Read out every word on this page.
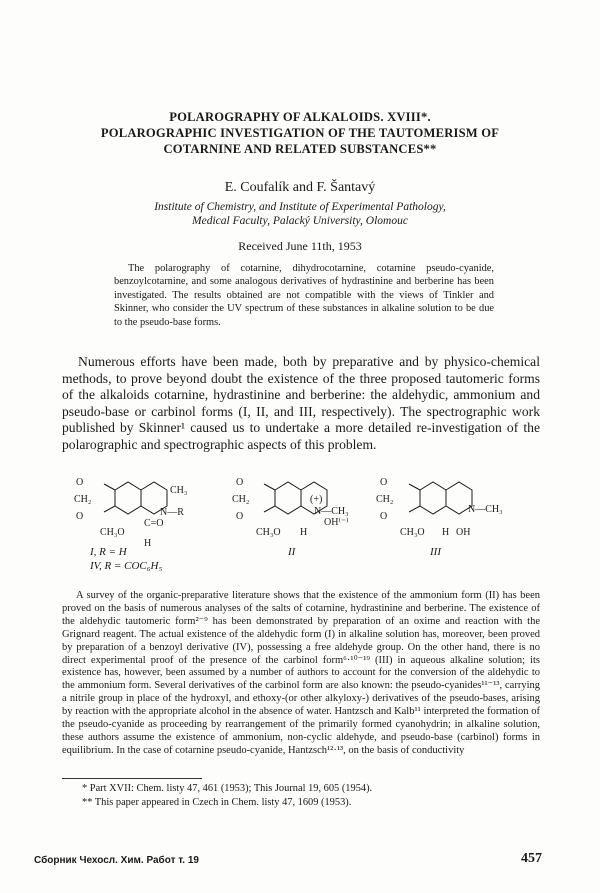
POLAROGRAPHY OF ALKALOIDS. XVIII*.
POLAROGRAPHIC INVESTIGATION OF THE TAUTOMERISM OF
COTARNINE AND RELATED SUBSTANCES**
E. Coufalík and F. Šantavý
Institute of Chemistry, and Institute of Experimental Pathology,
Medical Faculty, Palacký University, Olomouc
Received June 11th, 1953
The polarography of cotarnine, dihydrocotarnine, cotarnine pseudo-cyanide, benzoylcotarnine, and some analogous derivatives of hydrastinine and berberine has been investigated. The results obtained are not compatible with the views of Tinkler and Skinner, who consider the UV spectrum of these substances in alkaline solution to be due to the pseudo-base forms.
Numerous efforts have been made, both by preparative and by physico-chemical methods, to prove beyond doubt the existence of the three proposed tautomeric forms of the alkaloids cotarnine, hydrastinine and berberine: the aldehydic, ammonium and pseudo-base or carbinol forms (I, II, and III, respectively). The spectrographic work published by Skinner¹ caused us to undertake a more detailed re-investigation of the polarographic and spectrographic aspects of this problem.
O
CH₂
O
CH₃
N—R
C=O
CH₃O
H
O
CH₂
O
(+)
N—CH₃
OH⁽⁻⁾
CH₃O H
O
CH₂
O
N—CH₃
CH₃O H OH
I, R = H
IV, R = COC₆H₅
II	III
A survey of the organic-preparative literature shows that the existence of the ammonium form (II) has been proved on the basis of numerous analyses of the salts of cotarnine, hydrastinine and berberine. The existence of the aldehydic tautomeric form²⁻⁹ has been demonstrated by preparation of an oxime and reaction with the Grignard reagent. The actual existence of the aldehydic form (I) in alkaline solution has, moreover, been proved by preparation of a benzoyl derivative (IV), possessing a free aldehyde group. On the other hand, there is no direct experimental proof of the presence of the carbinol form⁶·¹⁰⁻¹⁹ (III) in aqueous alkaline solution; its existence has, however, been assumed by a number of authors to account for the conversion of the aldehydic to the ammonium form. Several derivatives of the carbinol form are also known: the pseudo-cyanides¹¹⁻¹³, carrying a nitrile group in place of the hydroxyl, and ethoxy-(or other alkyloxy-) derivatives of the pseudo-bases, arising by reaction with the appropriate alcohol in the absence of water. Hantzsch and Kalb¹¹ interpreted the formation of the pseudo-cyanide as proceeding by rearrangement of the primarily formed cyanohydrin; in alkaline solution, these authors assume the existence of ammonium, non-cyclic aldehyde, and pseudo-base (carbinol) forms in equilibrium. In the case of cotarnine pseudo-cyanide, Hantzsch¹²·¹³, on the basis of conductivity
* Part XVII: Chem. listy 47, 461 (1953); This Journal 19, 605 (1954).
** This paper appeared in Czech in Chem. listy 47, 1609 (1953).
Сборник Чехосл. Хим. Работ т. 19	457
